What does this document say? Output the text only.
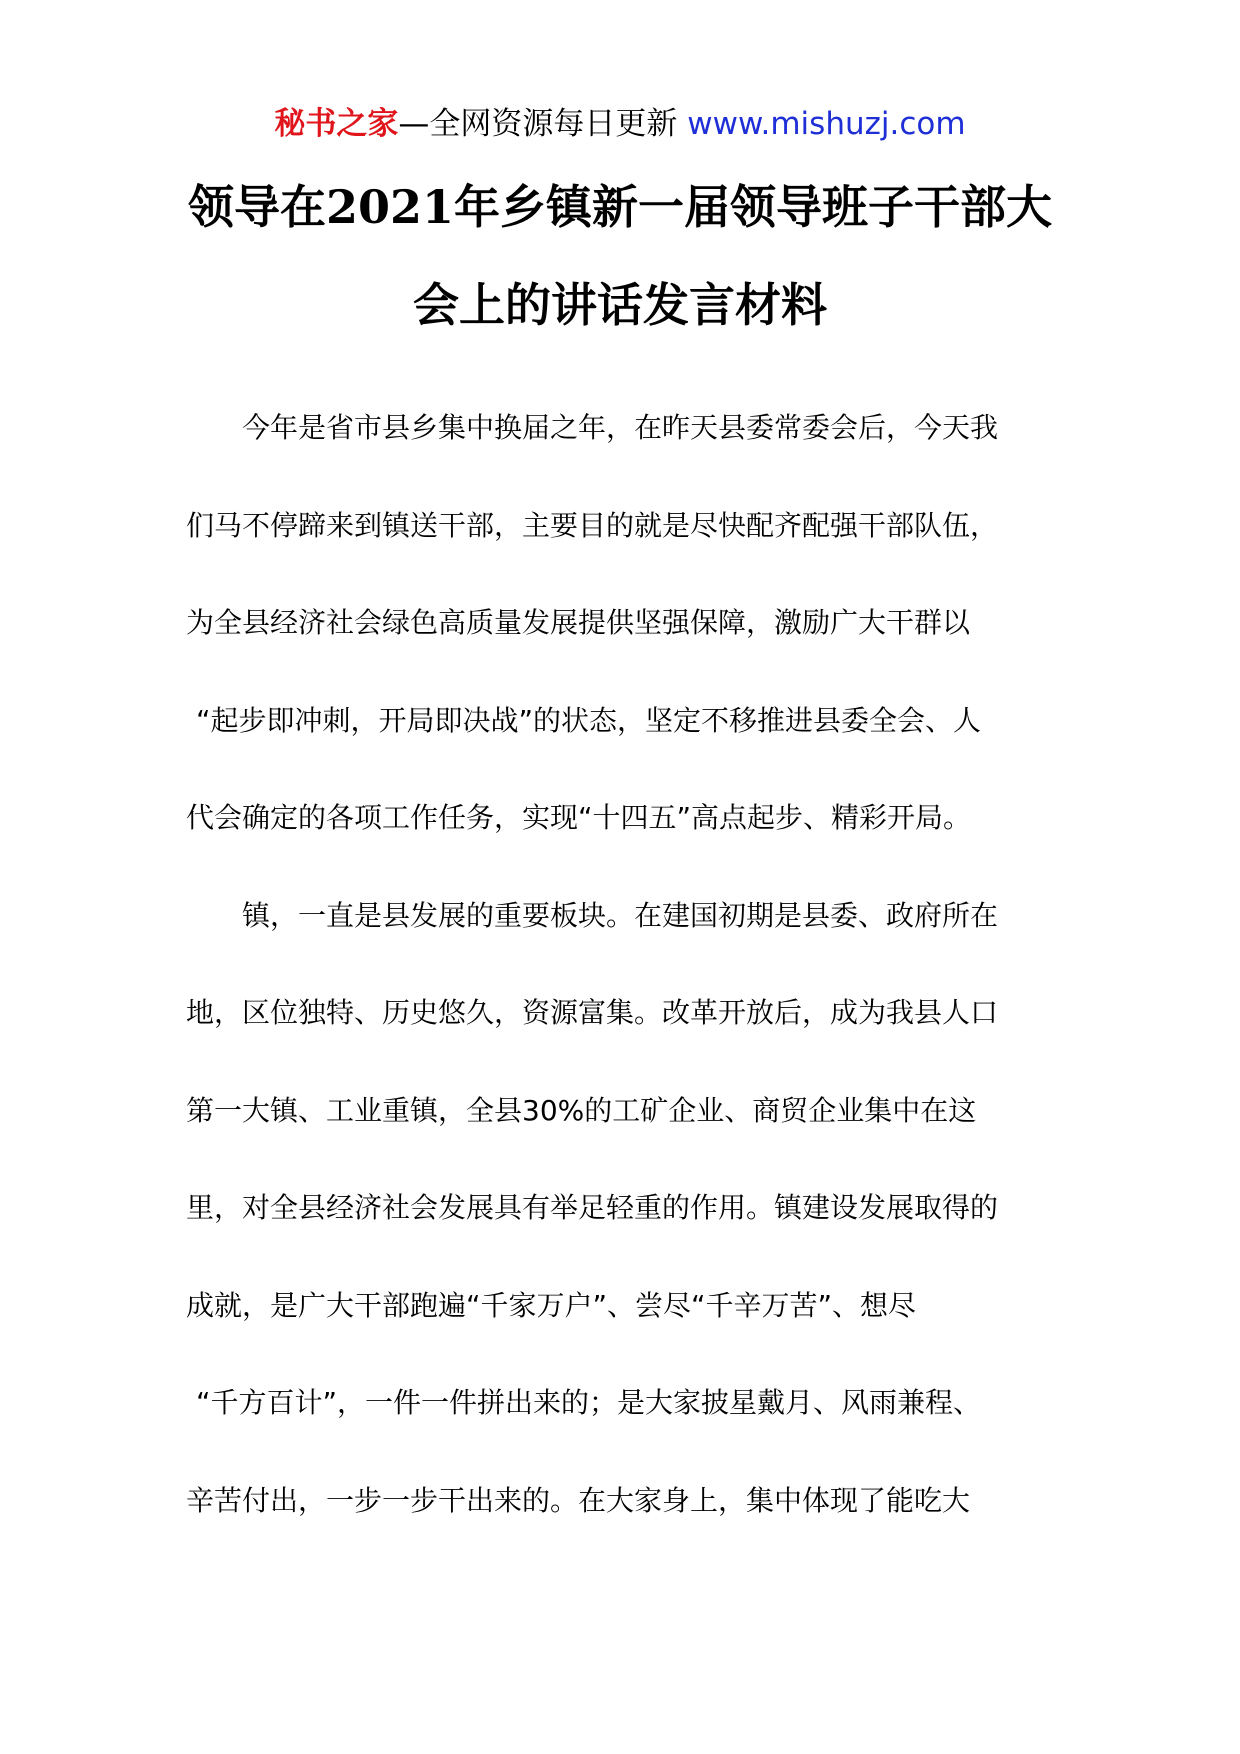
秘书之家—全网资源每日更新 www.mishuzj.com
领导在2021年乡镇新一届领导班子干部大
会上的讲话发言材料
今年是省市县乡集中换届之年，在昨天县委常委会后，今天我
们马不停蹄来到镇送干部，主要目的就是尽快配齐配强干部队伍，
为全县经济社会绿色高质量发展提供坚强保障，激励广大干群以
“起步即冲刺，开局即决战”的状态，坚定不移推进县委全会、人
代会确定的各项工作任务，实现“十四五”高点起步、精彩开局。
镇，一直是县发展的重要板块。在建国初期是县委、政府所在
地，区位独特、历史悠久，资源富集。改革开放后，成为我县人口
第一大镇、工业重镇，全县30%的工矿企业、商贸企业集中在这
里，对全县经济社会发展具有举足轻重的作用。镇建设发展取得的
成就，是广大干部跑遍“千家万户”、尝尽“千辛万苦”、想尽
“千方百计”，一件一件拼出来的；是大家披星戴月、风雨兼程、
辛苦付出，一步一步干出来的。在大家身上，集中体现了能吃大
